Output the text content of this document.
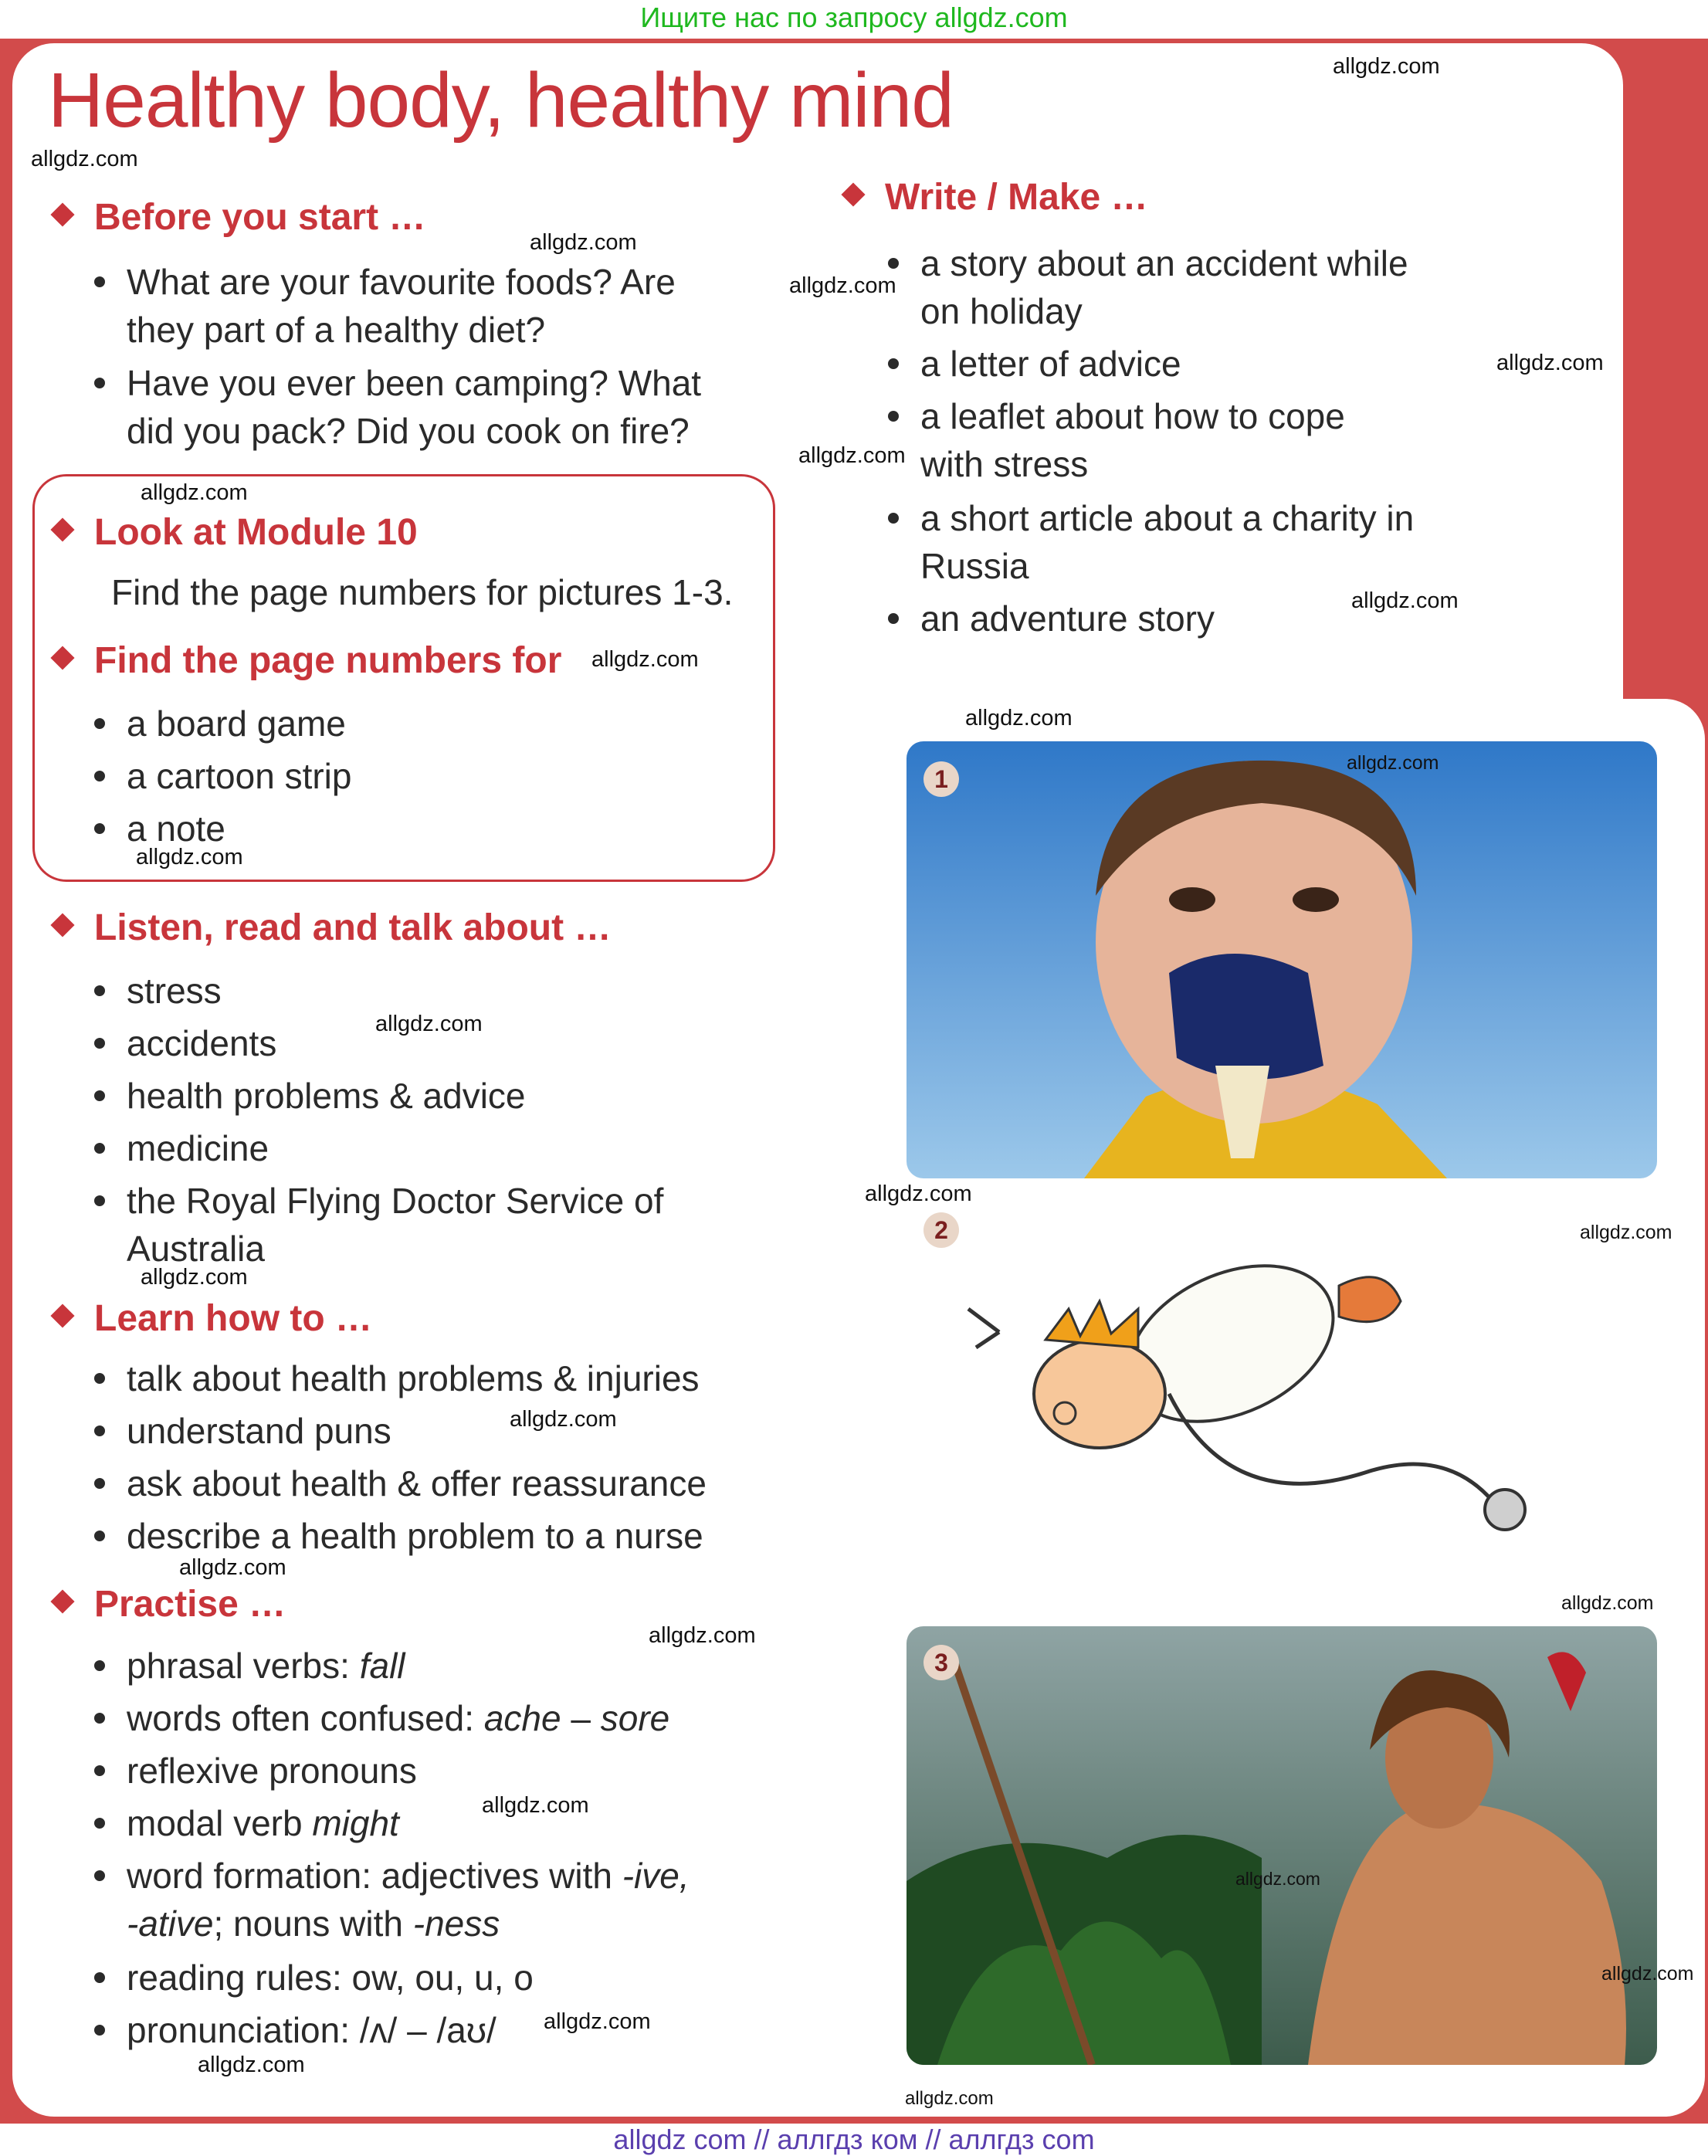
Ищите нас по запросу allgdz.com
Healthy body, healthy mind
Before you start …
What are your favourite foods? Are
they part of a healthy diet?
Have you ever been camping? What
did you pack? Did you cook on fire?
Look at Module 10
Find the page numbers for pictures 1-3.
Find the page numbers for
a board game
a cartoon strip
a note
Listen, read and talk about …
stress
accidents
health problems & advice
medicine
the Royal Flying Doctor Service of
Australia
Learn how to …
talk about health problems & injuries
understand puns
ask about health & offer reassurance
describe a health problem to a nurse
Practise …
phrasal verbs: fall
words often confused: ache – sore
reflexive pronouns
modal verb might
word formation: adjectives with -ive,
-ative; nouns with -ness
reading rules: ow, ou, u, o
pronunciation: /ʌ/ – /aʊ/
Write / Make …
a story about an accident while
on holiday
a letter of advice
a leaflet about how to cope
with stress
a short article about a charity in
Russia
an adventure story
1
2
3
allgdz.com
allgdz.com
allgdz.com
allgdz.com
allgdz.com
allgdz.com
allgdz.com
allgdz.com
allgdz.com
allgdz.com
allgdz.com
allgdz.com
allgdz.com
allgdz.com
allgdz.com
allgdz.com
allgdz.com
allgdz.com
allgdz.com
allgdz.com
allgdz.com
allgdz.com
allgdz.com
allgdz.com
allgdz.com
allgdz.com
allgdz com // аллгдз ком // аллгдз com
